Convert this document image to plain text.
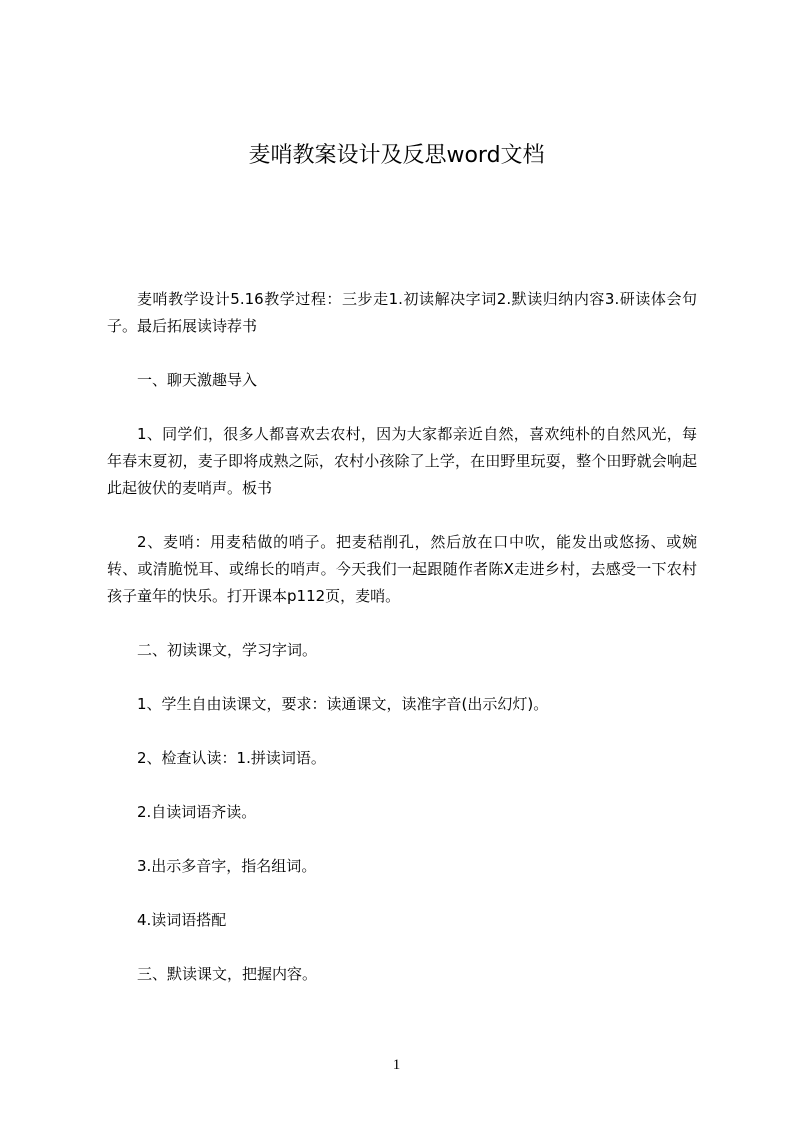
麦哨教案设计及反思word文档

麦哨教学设计5.16教学过程：三步走1.初读解决字词2.默读归纳内容3.研读体会句子。最后拓展读诗荐书

一、聊天激趣导入

1、同学们，很多人都喜欢去农村，因为大家都亲近自然，喜欢纯朴的自然风光，每年春末夏初，麦子即将成熟之际，农村小孩除了上学，在田野里玩耍，整个田野就会响起此起彼伏的麦哨声。板书

2、麦哨：用麦秸做的哨子。把麦秸削孔，然后放在口中吹，能发出或悠扬、或婉转、或清脆悦耳、或绵长的哨声。今天我们一起跟随作者陈X走进乡村，去感受一下农村孩子童年的快乐。打开课本p112页，麦哨。

二、初读课文，学习字词。

1、学生自由读课文，要求：读通课文，读准字音(出示幻灯)。

2、检查认读：1.拼读词语。

2.自读词语齐读。

3.出示多音字，指名组词。

4.读词语搭配

三、默读课文，把握内容。

1
